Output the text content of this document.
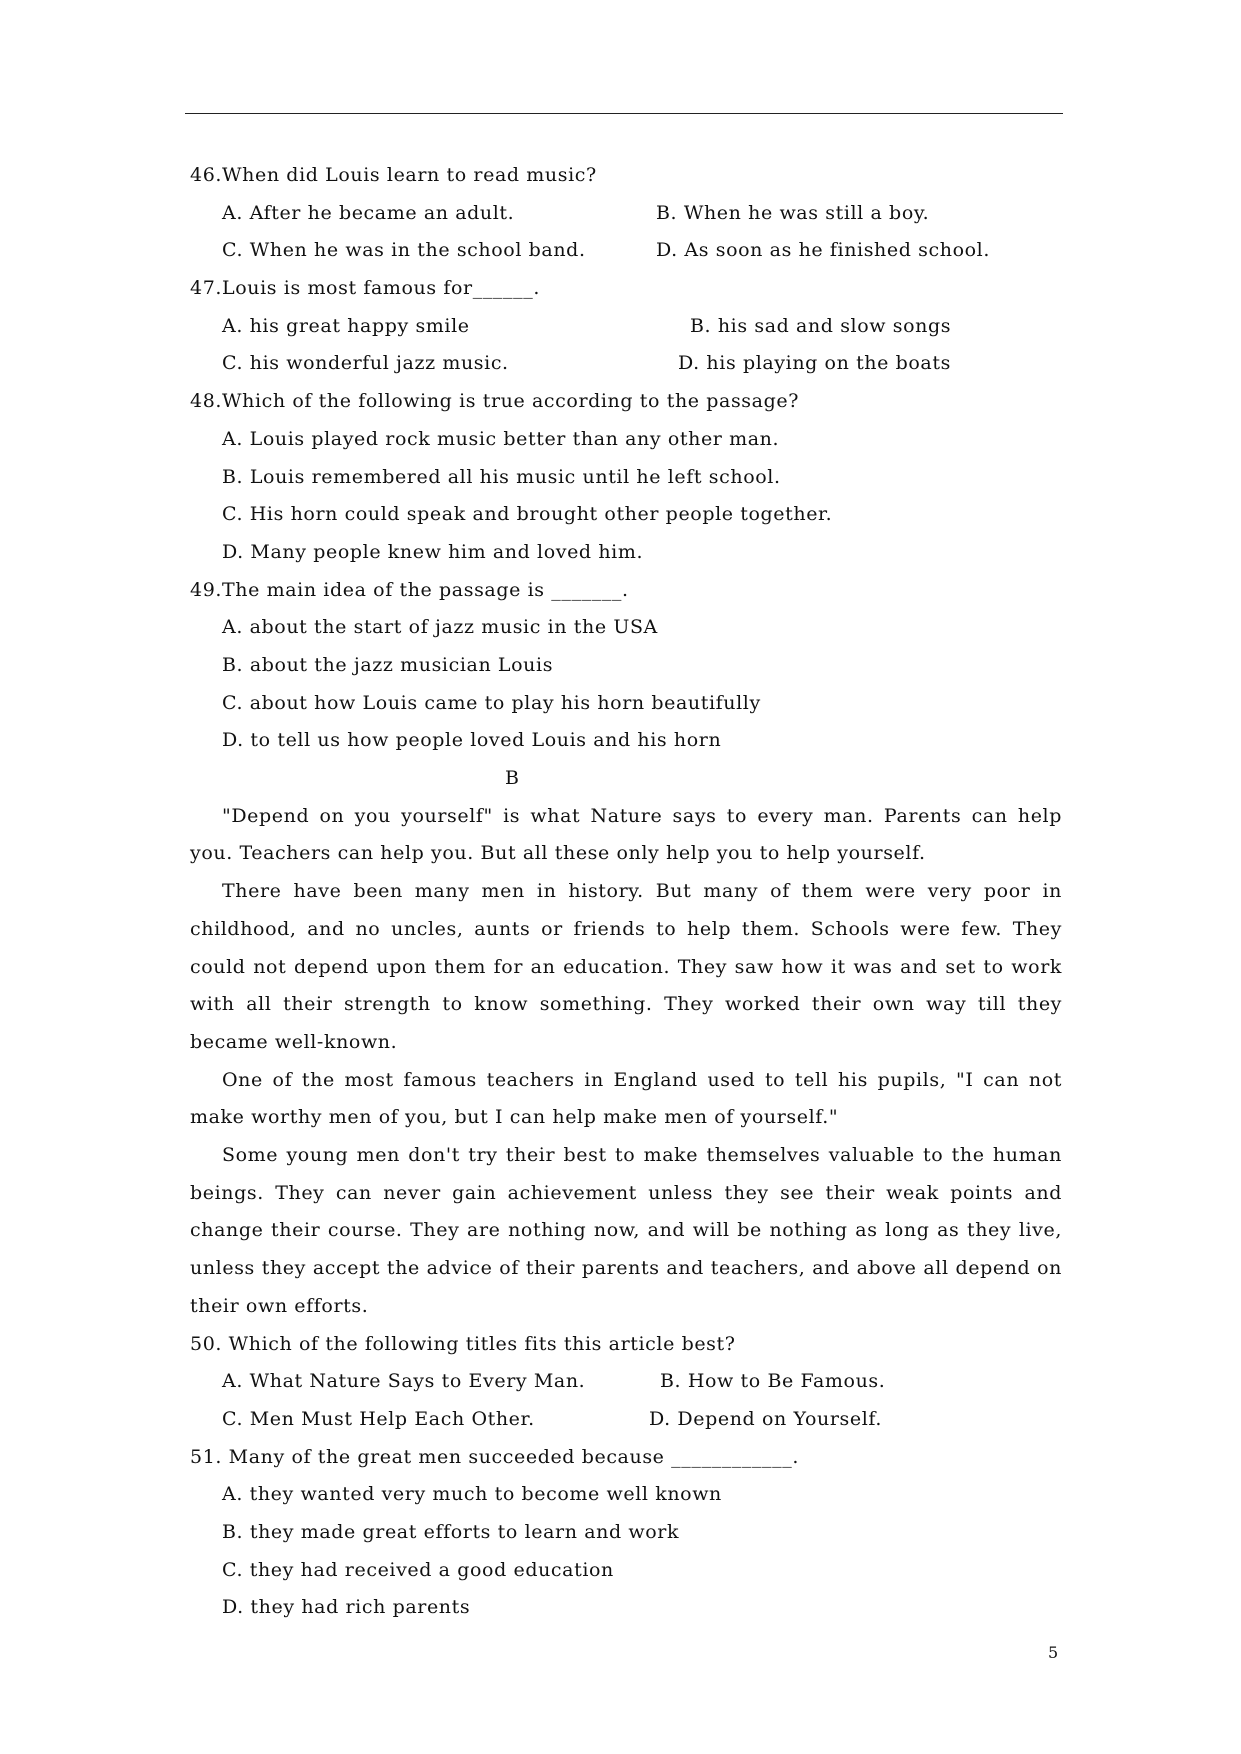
46.When did Louis learn to read music?
A. After he became an adult.	B. When he was still a boy.
C. When he was in the school band.	D. As soon as he finished school.
47.Louis is most famous for______.
A. his great happy smile	B. his sad and slow songs
C. his wonderful jazz music.	D. his playing on the boats
48.Which of the following is true according to the passage?
A. Louis played rock music better than any other man.
B. Louis remembered all his music until he left school.
C. His horn could speak and brought other people together.
D. Many people knew him and loved him.
49.The main idea of the passage is _______.
A. about the start of jazz music in the USA
B. about the jazz musician Louis
C. about how Louis came to play his horn beautifully
D. to tell us how people loved Louis and his horn
B
"Depend on you yourself" is what Nature says to every man. Parents can help you. Teachers can help you. But all these only help you to help yourself.
There have been many men in history. But many of them were very poor in childhood, and no uncles, aunts or friends to help them. Schools were few. They could not depend upon them for an education. They saw how it was and set to work with all their strength to know something. They worked their own way till they became well-known.
One of the most famous teachers in England used to tell his pupils, "I can not make worthy men of you, but I can help make men of yourself."
Some young men don't try their best to make themselves valuable to the human beings. They can never gain achievement unless they see their weak points and change their course. They are nothing now, and will be nothing as long as they live, unless they accept the advice of their parents and teachers, and above all depend on their own efforts.
50. Which of the following titles fits this article best?
A. What Nature Says to Every Man.	B. How to Be Famous.
C. Men Must Help Each Other.	D. Depend on Yourself.
51. Many of the great men succeeded because ____________.
A. they wanted very much to become well known
B. they made great efforts to learn and work
C. they had received a good education
D. they had rich parents
5
